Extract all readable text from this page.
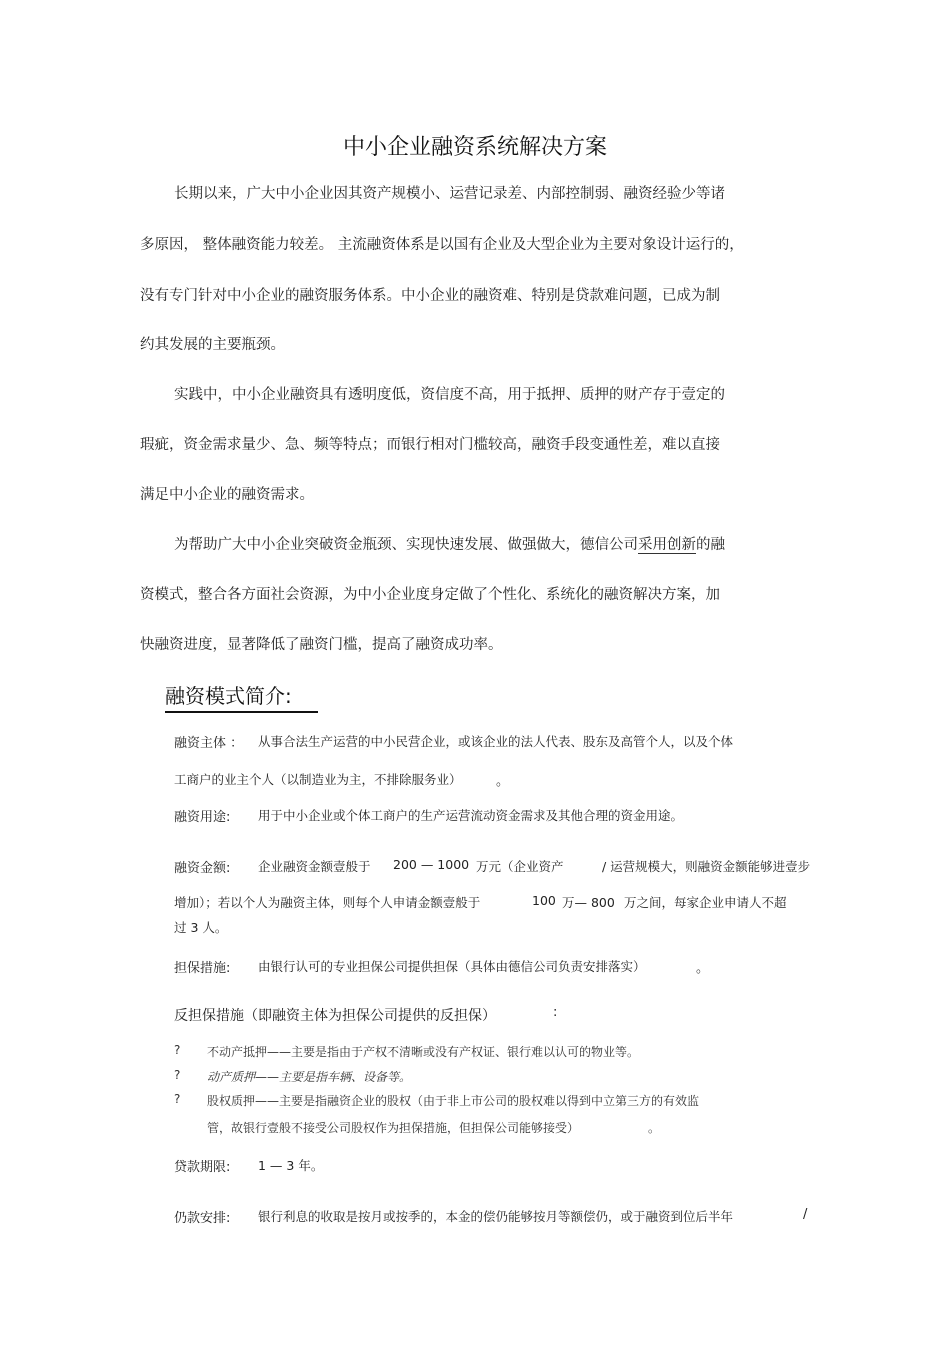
中小企业融资系统解决方案
长期以来，广大中小企业因其资产规模小、运营记录差、内部控制弱、融资经验少等诸
多原因， 整体融资能力较差。 主流融资体系是以国有企业及大型企业为主要对象设计运行的，
没有专门针对中小企业的融资服务体系。中小企业的融资难、特别是贷款难问题，已成为制
约其发展的主要瓶颈。
实践中，中小企业融资具有透明度低，资信度不高，用于抵押、质押的财产存于壹定的
瑕疵，资金需求量少、急、频等特点；而银行相对门槛较高，融资手段变通性差，难以直接
满足中小企业的融资需求。
为帮助广大中小企业突破资金瓶颈、实现快速发展、做强做大，德信公司采用创新的融
资模式，整合各方面社会资源，为中小企业度身定做了个性化、系统化的融资解决方案，加
快融资进度，显著降低了融资门槛，提高了融资成功率。
融资模式简介:
融资主体 ： 从事合法生产运营的中小民营企业，或该企业的法人代表、股东及高管个人，以及个体
工商户的业主个人（以制造业为主，不排除服务业）	。
融资用途: 用于中小企业或个体工商户的生产运营流动资金需求及其他合理的资金用途。
融资金额: 企业融资金额壹般于 200 — 1000 万元（企业资产	/ 运营规模大，则融资金额能够进壹步
增加）；若以个人为融资主体，则每个人申请金额壹般于	100 万— 800 万之间，每家企业申请人不超
过 3 人。
担保措施: 由银行认可的专业担保公司提供担保（具体由德信公司负责安排落实）	。
反担保措施（即融资主体为担保公司提供的反担保）	:
? 不动产抵押——主要是指由于产权不清晰或没有产权证、银行难以认可的物业等。
? 动产质押——主要是指车辆、设备等。
? 股权质押——主要是指融资企业的股权（由于非上市公司的股权难以得到中立第三方的有效监
管，故银行壹般不接受公司股权作为担保措施，但担保公司能够接受）	。
贷款期限: 1 — 3 年。
仍款安排: 银行利息的收取是按月或按季的，本金的偿仍能够按月等额偿仍，或于融资到位后半年	/
